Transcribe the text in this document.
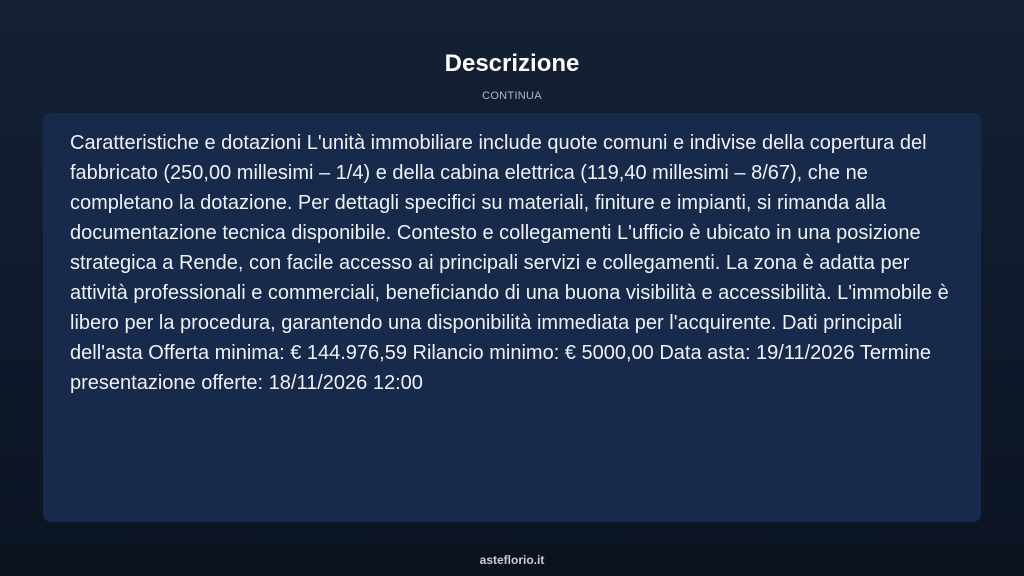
Descrizione
CONTINUA

Caratteristiche e dotazioni L'unità immobiliare include quote comuni e indivise della copertura del fabbricato (250,00 millesimi – 1/4) e della cabina elettrica (119,40 millesimi – 8/67), che ne completano la dotazione. Per dettagli specifici su materiali, finiture e impianti, si rimanda alla documentazione tecnica disponibile. Contesto e collegamenti L'ufficio è ubicato in una posizione strategica a Rende, con facile accesso ai principali servizi e collegamenti. La zona è adatta per attività professionali e commerciali, beneficiando di una buona visibilità e accessibilità. L'immobile è libero per la procedura, garantendo una disponibilità immediata per l'acquirente. Dati principali dell'asta Offerta minima: € 144.976,59 Rilancio minimo: € 5000,00 Data asta: 19/11/2026 Termine presentazione offerte: 18/11/2026 12:00

asteflorio.it
